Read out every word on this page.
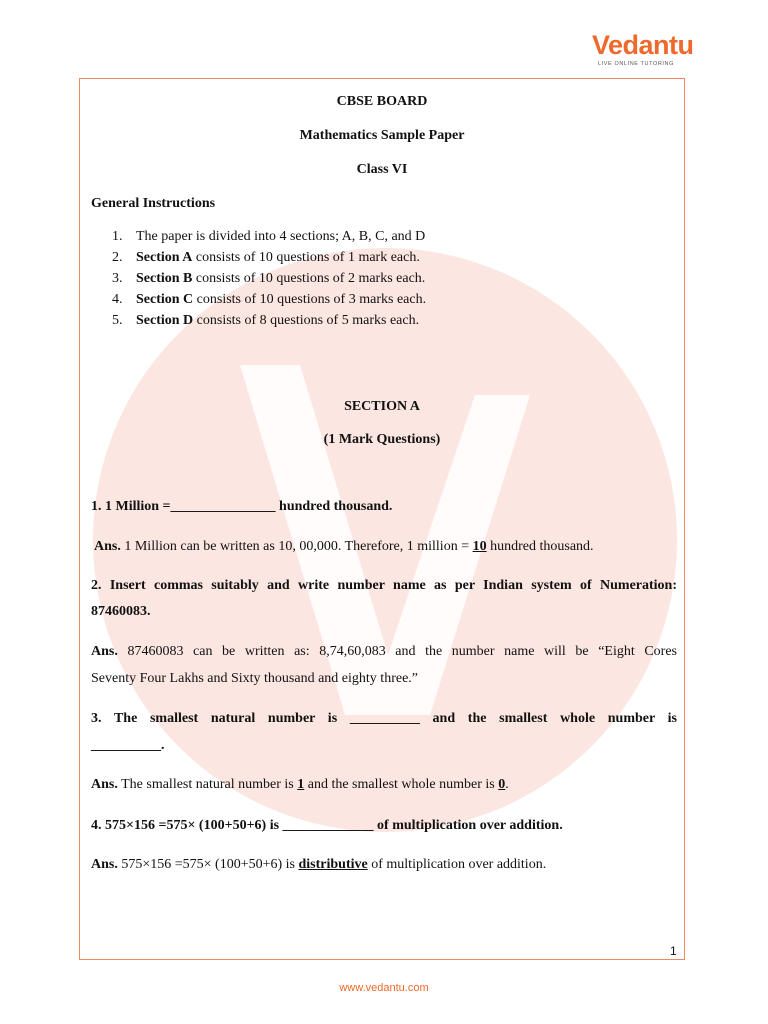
Vedantu
LIVE ONLINE TUTORING
CBSE BOARD
Mathematics Sample Paper
Class VI
General Instructions
1. The paper is divided into 4 sections; A, B, C, and D
2. Section A consists of 10 questions of 1 mark each.
3. Section B consists of 10 questions of 2 marks each.
4. Section C consists of 10 questions of 3 marks each.
5. Section D consists of 8 questions of 5 marks each.
SECTION A
(1 Mark Questions)
1. 1 Million =_______________ hundred thousand.
Ans. 1 Million can be written as 10, 00,000. Therefore, 1 million = 10 hundred thousand.
2. Insert commas suitably and write number name as per Indian system of Numeration:
87460083.
Ans. 87460083 can be written as: 8,74,60,083 and the number name will be “Eight Cores
Seventy Four Lakhs and Sixty thousand and eighty three.”
3. The smallest natural number is __________ and the smallest whole number is
__________.
Ans. The smallest natural number is 1 and the smallest whole number is 0.
4. 575×156 =575× (100+50+6) is _____________ of multiplication over addition.
Ans. 575×156 =575× (100+50+6) is distributive of multiplication over addition.
1
www.vedantu.com
